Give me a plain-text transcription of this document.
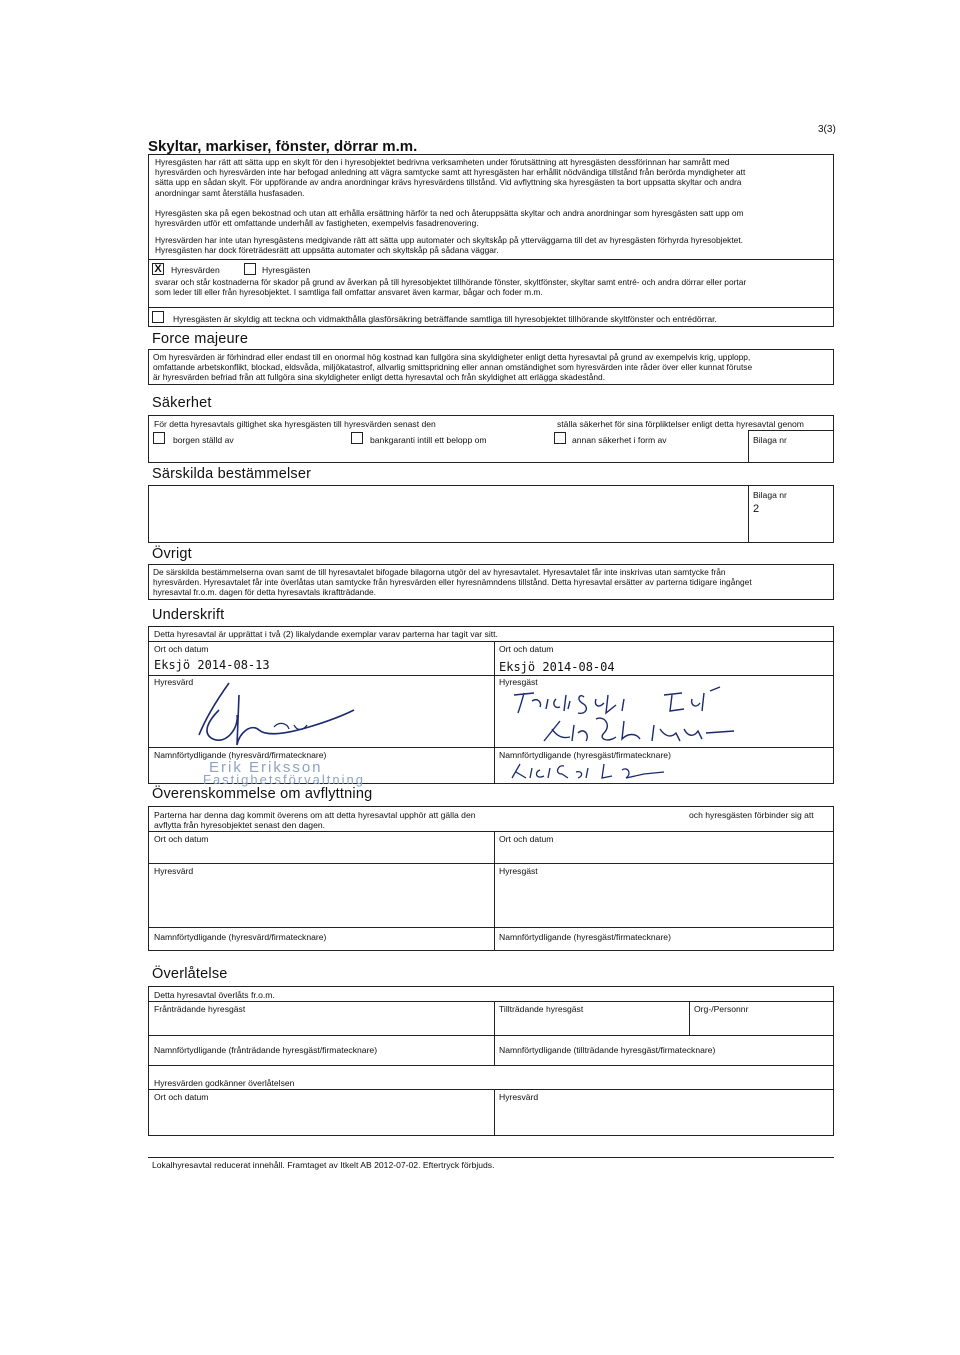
3(3)
Skyltar, markiser, fönster, dörrar m.m.
Hyresgästen har rätt att sätta upp en skylt för den i hyresobjektet bedrivna verksamheten under förutsättning att hyresgästen dessförinnan har samrått med
hyresvärden och hyresvärden inte har befogad anledning att vägra samtycke samt att hyresgästen har erhållit nödvändiga tillstånd från berörda myndigheter att
sätta upp en sådan skylt. För uppförande av andra anordningar krävs hyresvärdens tillstånd. Vid avflyttning ska hyresgästen ta bort uppsatta skyltar och andra
anordningar samt återställa husfasaden.
Hyresgästen ska på egen bekostnad och utan att erhålla ersättning härför ta ned och återuppsätta skyltar och andra anordningar som hyresgästen satt upp om
hyresvärden utför ett omfattande underhåll av fastigheten, exempelvis fasadrenovering.
Hyresvärden har inte utan hyresgästens medgivande rätt att sätta upp automater och skyltskåp på ytterväggarna till det av hyresgästen förhyrda hyresobjektet.
Hyresgästen har dock företrädesrätt att uppsätta automater och skyltskåp på sådana väggar.
X Hyresvärden	Hyresgästen
svarar och står kostnaderna för skador på grund av åverkan på till hyresobjektet tillhörande fönster, skyltfönster, skyltar samt entré- och andra dörrar eller portar
som leder till eller från hyresobjektet. I samtliga fall omfattar ansvaret även karmar, bågar och foder m.m.
Hyresgästen är skyldig att teckna och vidmakthålla glasförsäkring beträffande samtliga till hyresobjektet tillhörande skyltfönster och entrédörrar.
Force majeure
Om hyresvärden är förhindrad eller endast till en onormal hög kostnad kan fullgöra sina skyldigheter enligt detta hyresavtal på grund av exempelvis krig, upplopp,
omfattande arbetskonflikt, blockad, eldsvåda, miljökatastrof, allvarlig smittspridning eller annan omständighet som hyresvärden inte råder över eller kunnat förutse
är hyresvärden befriad från att fullgöra sina skyldigheter enligt detta hyresavtal och från skyldighet att erlägga skadestånd.
Säkerhet
För detta hyresavtals giltighet ska hyresgästen till hyresvärden senast den	ställa säkerhet för sina förpliktelser enligt detta hyresavtal genom
borgen ställd av	bankgaranti intill ett belopp om	annan säkerhet i form av	Bilaga nr
Särskilda bestämmelser
Bilaga nr
2
Övrigt
De särskilda bestämmelserna ovan samt de till hyresavtalet bifogade bilagorna utgör del av hyresavtalet. Hyresavtalet får inte inskrivas utan samtycke från
hyresvärden. Hyresavtalet får inte överlåtas utan samtycke från hyresvärden eller hyresnämndens tillstånd. Detta hyresavtal ersätter av parterna tidigare ingånget
hyresavtal fr.o.m. dagen för detta hyresavtals ikraftträdande.
Underskrift
Detta hyresavtal är upprättat i två (2) likalydande exemplar varav parterna har tagit var sitt.
Ort och datum
Eksjö 2014-08-13
Ort och datum
Eksjö 2014-08-04
Hyresvärd	Hyresgäst
Namnförtydligande (hyresvärd/firmatecknare)	Namnförtydligande (hyresgäst/firmatecknare)
Erik Eriksson
Fastighetsförvaltning
Överenskommelse om avflyttning
Parterna har denna dag kommit överens om att detta hyresavtal upphör att gälla den	och hyresgästen förbinder sig att
avflytta från hyresobjektet senast den dagen.
Ort och datum	Ort och datum
Hyresvärd	Hyresgäst
Namnförtydligande (hyresvärd/firmatecknare)	Namnförtydligande (hyresgäst/firmatecknare)
Överlåtelse
Detta hyresavtal överlåts fr.o.m.
Frånträdande hyresgäst	Tillträdande hyresgäst	Org-/Personnr
Namnförtydligande (frånträdande hyresgäst/firmatecknare)	Namnförtydligande (tillträdande hyresgäst/firmatecknare)
Hyresvärden godkänner överlåtelsen
Ort och datum	Hyresvärd
Lokalhyresavtal reducerat innehåll. Framtaget av Itkelt AB 2012-07-02. Eftertryck förbjuds.
